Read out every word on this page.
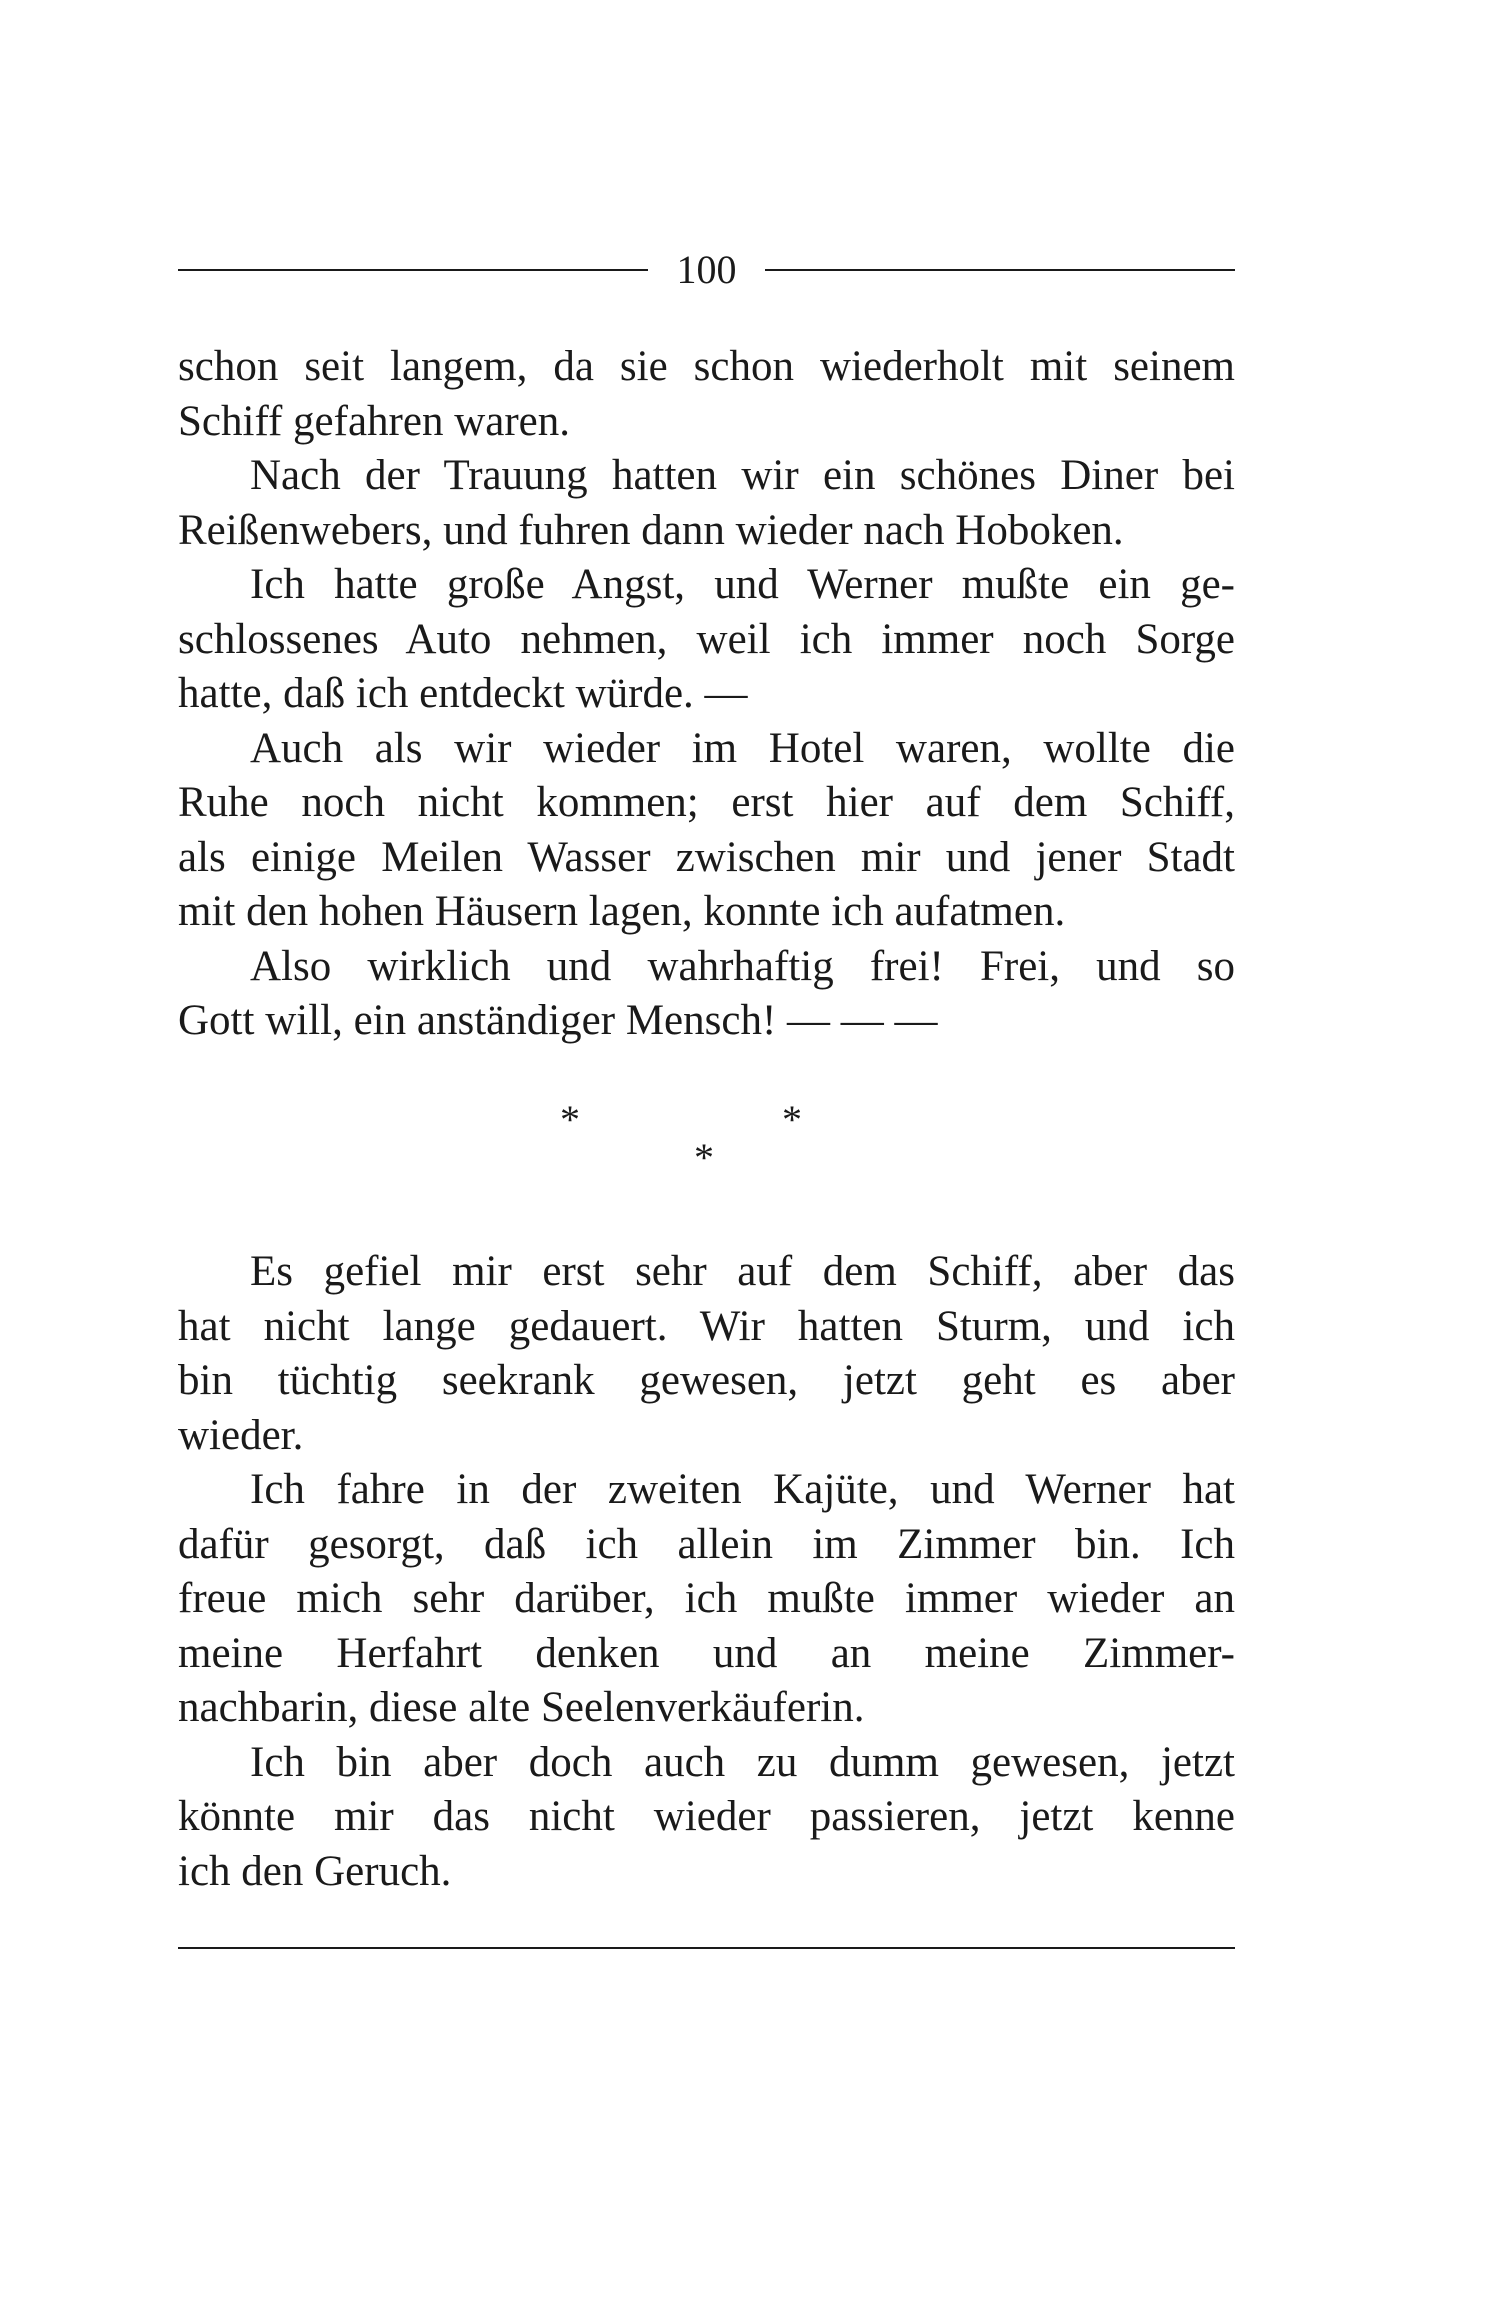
100
schon seit langem, da sie schon wiederholt mit seinem
Schiff gefahren waren.
Nach der Trauung hatten wir ein schönes Diner bei
Reißenwebers, und fuhren dann wieder nach Hoboken.
Ich hatte große Angst, und Werner mußte ein ge-
schlossenes Auto nehmen, weil ich immer noch Sorge
hatte, daß ich entdeckt würde. —
Auch als wir wieder im Hotel waren, wollte die
Ruhe noch nicht kommen; erst hier auf dem Schiff,
als einige Meilen Wasser zwischen mir und jener Stadt
mit den hohen Häusern lagen, konnte ich aufatmen.
Also wirklich und wahrhaftig frei! Frei, und so
Gott will, ein anständiger Mensch! — — —
*	*
*
Es gefiel mir erst sehr auf dem Schiff, aber das
hat nicht lange gedauert. Wir hatten Sturm, und ich
bin tüchtig seekrank gewesen, jetzt geht es aber
wieder.
Ich fahre in der zweiten Kajüte, und Werner hat
dafür gesorgt, daß ich allein im Zimmer bin. Ich
freue mich sehr darüber, ich mußte immer wieder an
meine Herfahrt denken und an meine Zimmer-
nachbarin, diese alte Seelenverkäuferin.
Ich bin aber doch auch zu dumm gewesen, jetzt
könnte mir das nicht wieder passieren, jetzt kenne
ich den Geruch.
